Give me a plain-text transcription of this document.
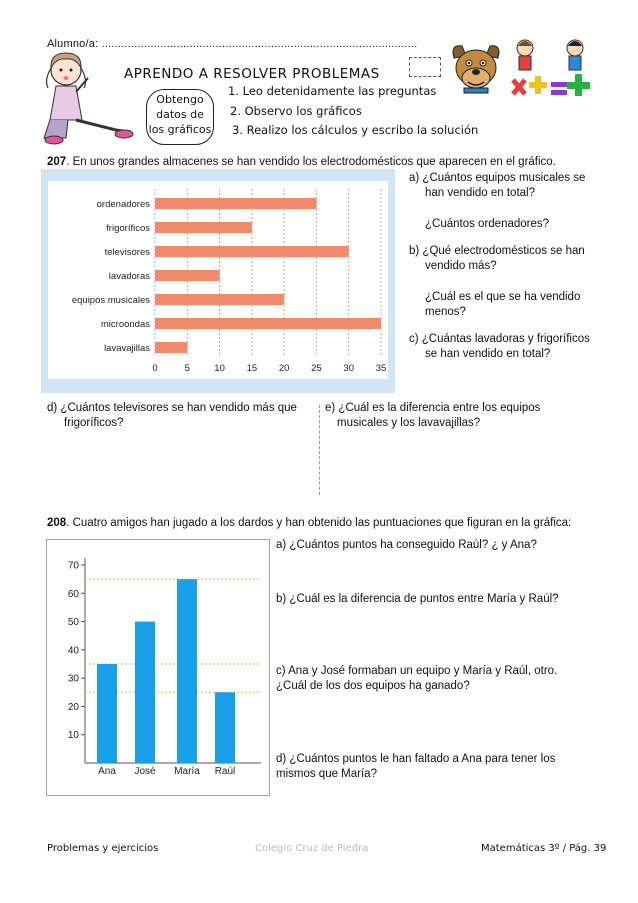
Alumno/a: .................................................................................................
APRENDO A RESOLVER PROBLEMAS
Obtengo
datos de
los gráficos
1. Leo detenidamente las preguntas
2. Observo los gráficos
3. Realizo los cálculos y escribo la solución
207. En unos grandes almacenes se han vendido los electrodomésticos que aparecen en el gráfico.
0	5	10 15 20 25 30 35
ordenadores
frigoríficos
televisores
lavadoras
equipos musicales
microondas
lavavajillas
a) ¿Cuántos equipos musicales se
han vendido en total?
¿Cuántos ordenadores?
b) ¿Qué electrodomésticos se han
vendido más?
¿Cuál es el que se ha vendido
menos?
c) ¿Cuántas lavadoras y frigoríficos
se han vendido en total?
d) ¿Cuántos televisores se han vendido más que
frigoríficos?
e) ¿Cuál es la diferencia entre los equipos
musicales y los lavavajillas?
208. Cuatro amigos han jugado a los dardos y han obtenido las puntuaciones que figuran en la gráfica:
10
20
30
40
50
60
70
Ana José María Raúl
a) ¿Cuántos puntos ha conseguido Raúl? ¿ y Ana?
b) ¿Cuál es la diferencia de puntos entre María y Raúl?
c) Ana y José formaban un equipo y María y Raúl, otro.
¿Cuál de los dos equipos ha ganado?
d) ¿Cuántos puntos le han faltado a Ana para tener los
mismos que María?
Problemas y ejercicios	Colegio Cruz de Piedra	Matemáticas 3º / Pág. 39
